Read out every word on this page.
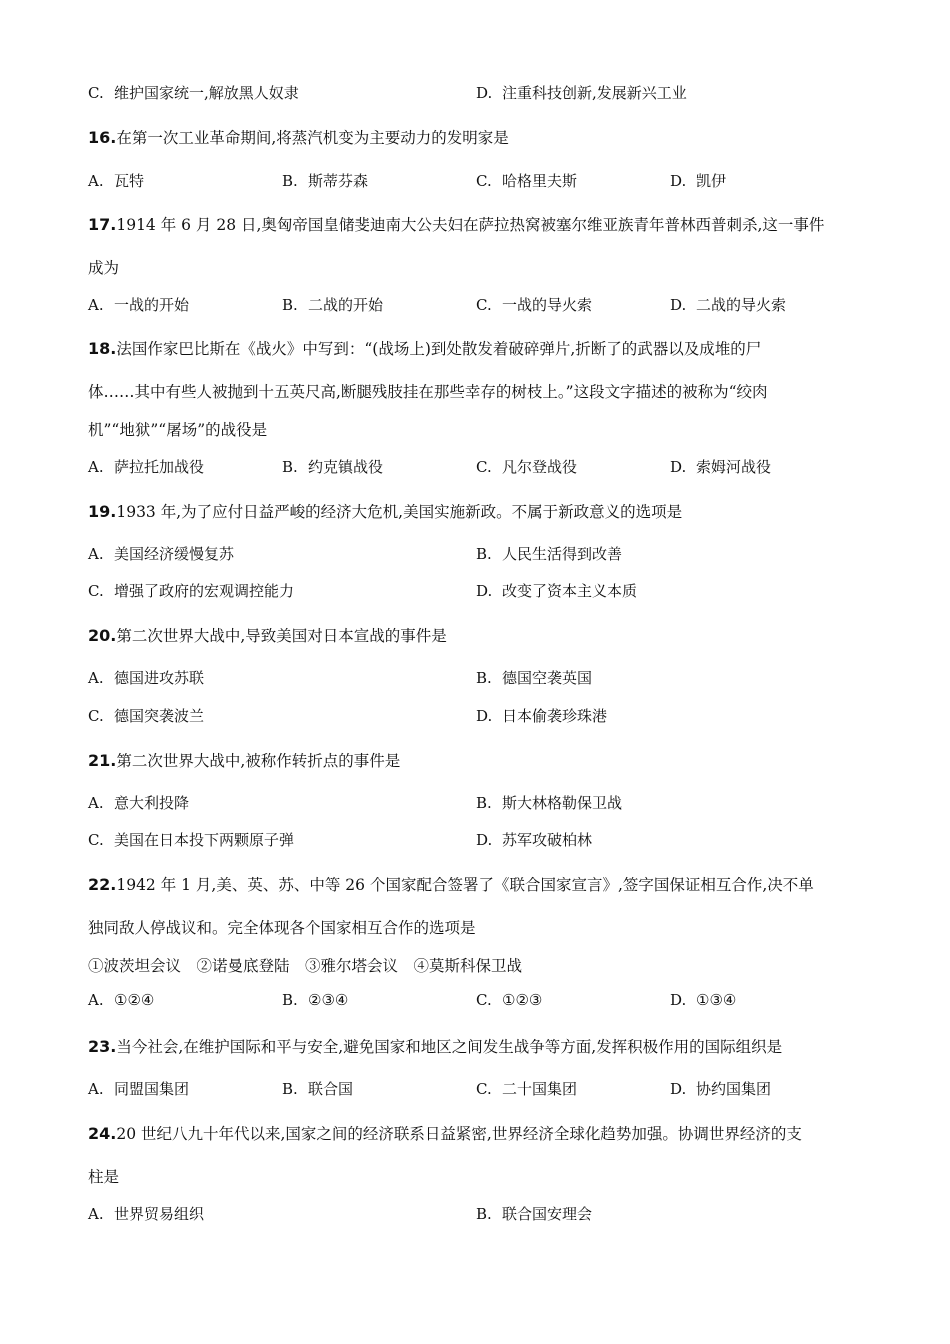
C. 维护国家统一,解放黑人奴隶	D. 注重科技创新,发展新兴工业
16.在第一次工业革命期间,将蒸汽机变为主要动力的发明家是
A. 瓦特	B. 斯蒂芬森	C. 哈格里夫斯	D. 凯伊
17.1914 年 6 月 28 日,奥匈帝国皇储斐迪南大公夫妇在萨拉热窝被塞尔维亚族青年普林西普刺杀,这一事件
成为
A. 一战的开始	B. 二战的开始	C. 一战的导火索	D. 二战的导火索
18.法国作家巴比斯在《战火》中写到：“(战场上)到处散发着破碎弹片,折断了的武器以及成堆的尸
体……其中有些人被抛到十五英尺高,断腿残肢挂在那些幸存的树枝上。”这段文字描述的被称为“绞肉
机”“地狱”“屠场”的战役是
A. 萨拉托加战役	B. 约克镇战役	C. 凡尔登战役	D. 索姆河战役
19.1933 年,为了应付日益严峻的经济大危机,美国实施新政。不属于新政意义的选项是
A. 美国经济缓慢复苏	B. 人民生活得到改善
C. 增强了政府的宏观调控能力	D. 改变了资本主义本质
20.第二次世界大战中,导致美国对日本宣战的事件是
A. 德国进攻苏联	B. 德国空袭英国
C. 德国突袭波兰	D. 日本偷袭珍珠港
21.第二次世界大战中,被称作转折点的事件是
A. 意大利投降	B. 斯大林格勒保卫战
C. 美国在日本投下两颗原子弹	D. 苏军攻破柏林
22.1942 年 1 月,美、英、苏、中等 26 个国家配合签署了《联合国家宣言》,签字国保证相互合作,决不单
独同敌人停战议和。完全体现各个国家相互合作的选项是
①波茨坦会议　②诺曼底登陆　③雅尔塔会议　④莫斯科保卫战
A. ①②④	B. ②③④	C. ①②③	D. ①③④
23.当今社会,在维护国际和平与安全,避免国家和地区之间发生战争等方面,发挥积极作用的国际组织是
A. 同盟国集团	B. 联合国	C. 二十国集团	D. 协约国集团
24.20 世纪八九十年代以来,国家之间的经济联系日益紧密,世界经济全球化趋势加强。协调世界经济的支
柱是
A. 世界贸易组织	B. 联合国安理会
